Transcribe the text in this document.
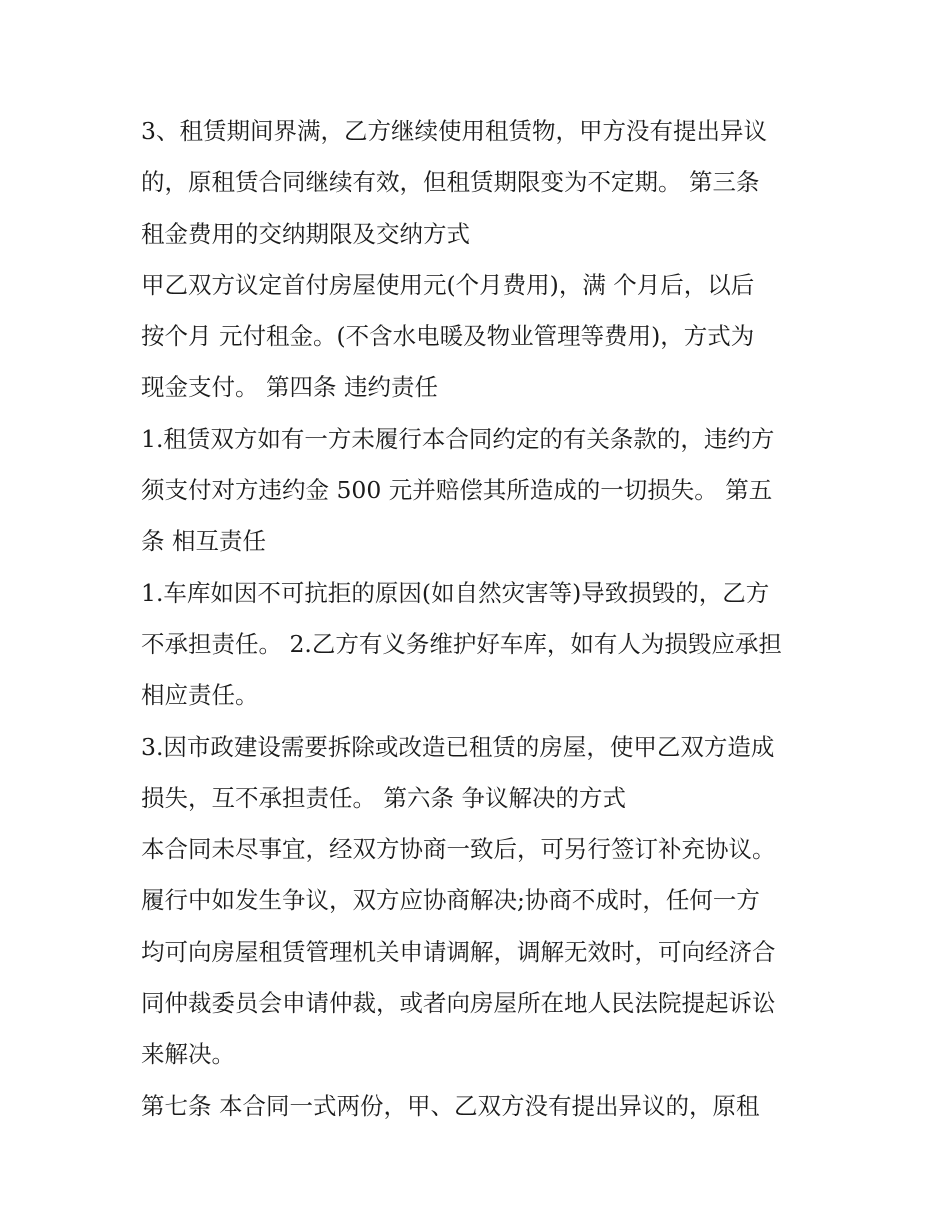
3、租赁期间界满，乙方继续使用租赁物，甲方没有提出异议
的，原租赁合同继续有效，但租赁期限变为不定期。 第三条
租金费用的交纳期限及交纳方式
甲乙双方议定首付房屋使用元(个月费用)，满 个月后，以后
按个月 元付租金。(不含水电暖及物业管理等费用)，方式为
现金支付。 第四条 违约责任
1.租赁双方如有一方未履行本合同约定的有关条款的，违约方
须支付对方违约金 500 元并赔偿其所造成的一切损失。 第五
条 相互责任
1.车库如因不可抗拒的原因(如自然灾害等)导致损毁的，乙方
不承担责任。 2.乙方有义务维护好车库，如有人为损毁应承担
相应责任。
3.因市政建设需要拆除或改造已租赁的房屋，使甲乙双方造成
损失，互不承担责任。 第六条 争议解决的方式
本合同未尽事宜，经双方协商一致后，可另行签订补充协议。
履行中如发生争议，双方应协商解决;协商不成时，任何一方
均可向房屋租赁管理机关申请调解，调解无效时，可向经济合
同仲裁委员会申请仲裁，或者向房屋所在地人民法院提起诉讼
来解决。
第七条 本合同一式两份，甲、乙双方没有提出异议的，原租
